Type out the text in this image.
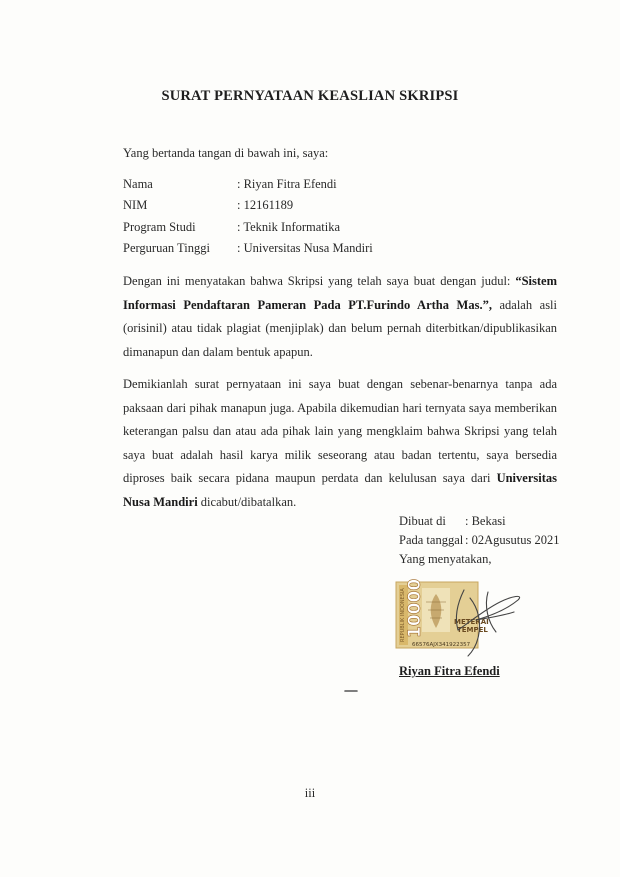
SURAT PERNYATAAN KEASLIAN SKRIPSI
Yang bertanda tangan di bawah ini, saya:
Nama	: Riyan Fitra Efendi
NIM	: 12161189
Program Studi	: Teknik Informatika
Perguruan Tinggi	: Universitas Nusa Mandiri
Dengan ini menyatakan bahwa Skripsi yang telah saya buat dengan judul: “Sistem Informasi Pendaftaran Pameran Pada PT.Furindo Artha Mas.”, adalah asli (orisinil) atau tidak plagiat (menjiplak) dan belum pernah diterbitkan/dipublikasikan dimanapun dan dalam bentuk apapun.
Demikianlah surat pernyataan ini saya buat dengan sebenar-benarnya tanpa ada paksaan dari pihak manapun juga. Apabila dikemudian hari ternyata saya memberikan keterangan palsu dan atau ada pihak lain yang mengklaim bahwa Skripsi yang telah saya buat adalah hasil karya milik seseorang atau badan tertentu, saya bersedia diproses baik secara pidana maupun perdata dan kelulusan saya dari Universitas Nusa Mandiri dicabut/dibatalkan.
Dibuat di	: Bekasi
Pada tanggal : 02Agusutus 2021
Yang menyatakan,
REPUBLIK INDONESIA 10000	METERAI
TEMPEL
66576AJX341922357
Riyan Fitra Efendi
iii
